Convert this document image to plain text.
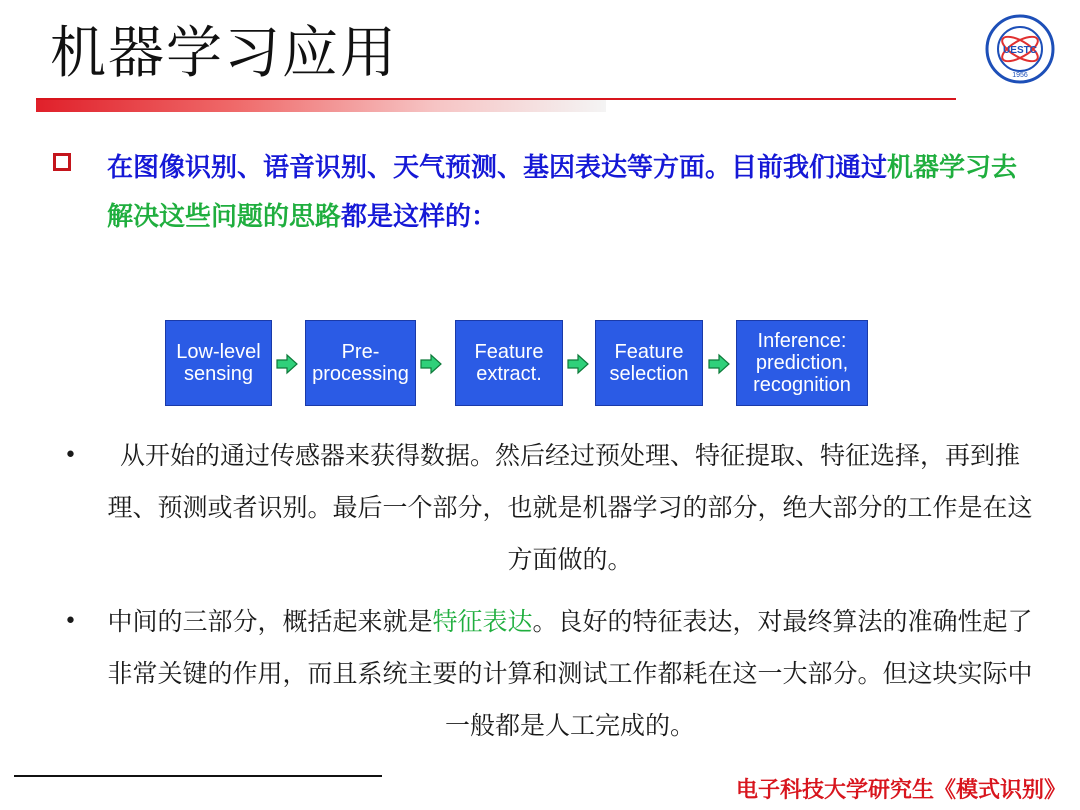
机器学习应用	UESTC
1956
在图像识别、语音识别、天气预测、基因表达等方面。目前我们通过机器学习去解决这些问题的思路都是这样的：
Low-level
sensing
Pre-
processing
Feature
extract.
Feature
selection
Inference:
prediction,
recognition
• 从开始的通过传感器来获得数据。然后经过预处理、特征提取、特征选择，再到推理、预测或者识别。最后一个部分，也就是机器学习的部分，绝大部分的工作是在这方面做的。
• 中间的三部分，概括起来就是特征表达。良好的特征表达，对最终算法的准确性起了非常关键的作用，而且系统主要的计算和测试工作都耗在这一大部分。但这块实际中一般都是人工完成的。
电子科技大学研究生《模式识别》
